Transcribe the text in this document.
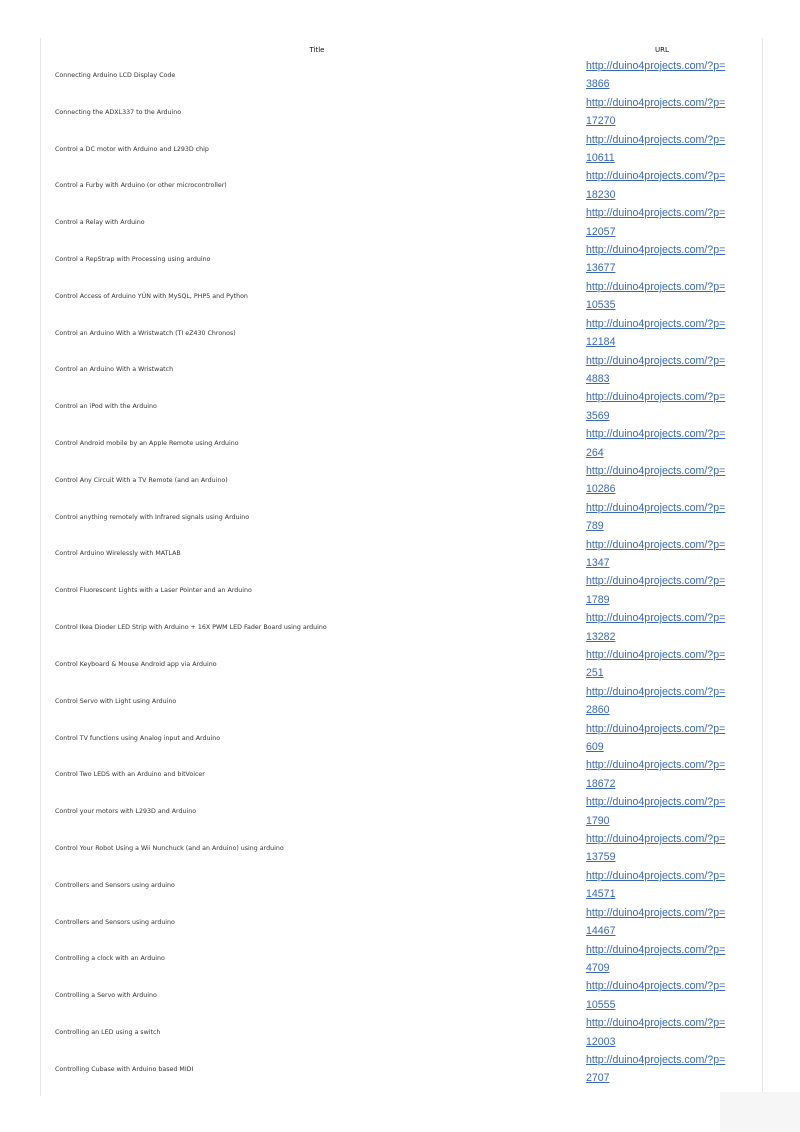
Title	URL
Connecting Arduino LCD Display Code	http://duino4projects.com/?p=3866

Connecting the ADXL337 to the Arduino	http://duino4projects.com/?p=17270

Control a DC motor with Arduino and L293D chip	http://duino4projects.com/?p=10611

Control a Furby with Arduino (or other microcontroller)	http://duino4projects.com/?p=18230

Control a Relay with Arduino	http://duino4projects.com/?p=12057

Control a RepStrap with Processing using arduino	http://duino4projects.com/?p=13677

Control Access of Arduino YÚN with MySQL, PHP5 and Python	http://duino4projects.com/?p=10535

Control an Arduino With a Wristwatch (TI eZ430 Chronos)	http://duino4projects.com/?p=12184

Control an Arduino With a Wristwatch	http://duino4projects.com/?p=4883

Control an iPod with the Arduino	http://duino4projects.com/?p=3569

Control Android mobile by an Apple Remote using Arduino	http://duino4projects.com/?p=264

Control Any Circuit With a TV Remote (and an Arduino)	http://duino4projects.com/?p=10286

Control anything remotely with Infrared signals using Arduino	http://duino4projects.com/?p=789

Control Arduino Wirelessly with MATLAB	http://duino4projects.com/?p=1347

Control Fluorescent Lights with a Laser Pointer and an Arduino	http://duino4projects.com/?p=1789

Control Ikea Dioder LED Strip with Arduino + 16X PWM LED Fader Board using arduino	http://duino4projects.com/?p=13282

Control Keyboard & Mouse Android app via Arduino	http://duino4projects.com/?p=251

Control Servo with Light using Arduino	http://duino4projects.com/?p=2860

Control TV functions using Analog input and Arduino	http://duino4projects.com/?p=609

Control Two LEDS with an Arduino and bitVoicer	http://duino4projects.com/?p=18672

Control your motors with L293D and Arduino	http://duino4projects.com/?p=1790

Control Your Robot Using a Wii Nunchuck (and an Arduino) using arduino	http://duino4projects.com/?p=13759

Controllers and Sensors using arduino	http://duino4projects.com/?p=14571

Controllers and Sensors using arduino	http://duino4projects.com/?p=14467

Controlling a clock with an Arduino	http://duino4projects.com/?p=4709

Controlling a Servo with Arduino	http://duino4projects.com/?p=10555

Controlling an LED using a switch	http://duino4projects.com/?p=12003

Controlling Cubase with Arduino based MIDI	http://duino4projects.com/?p=2707
